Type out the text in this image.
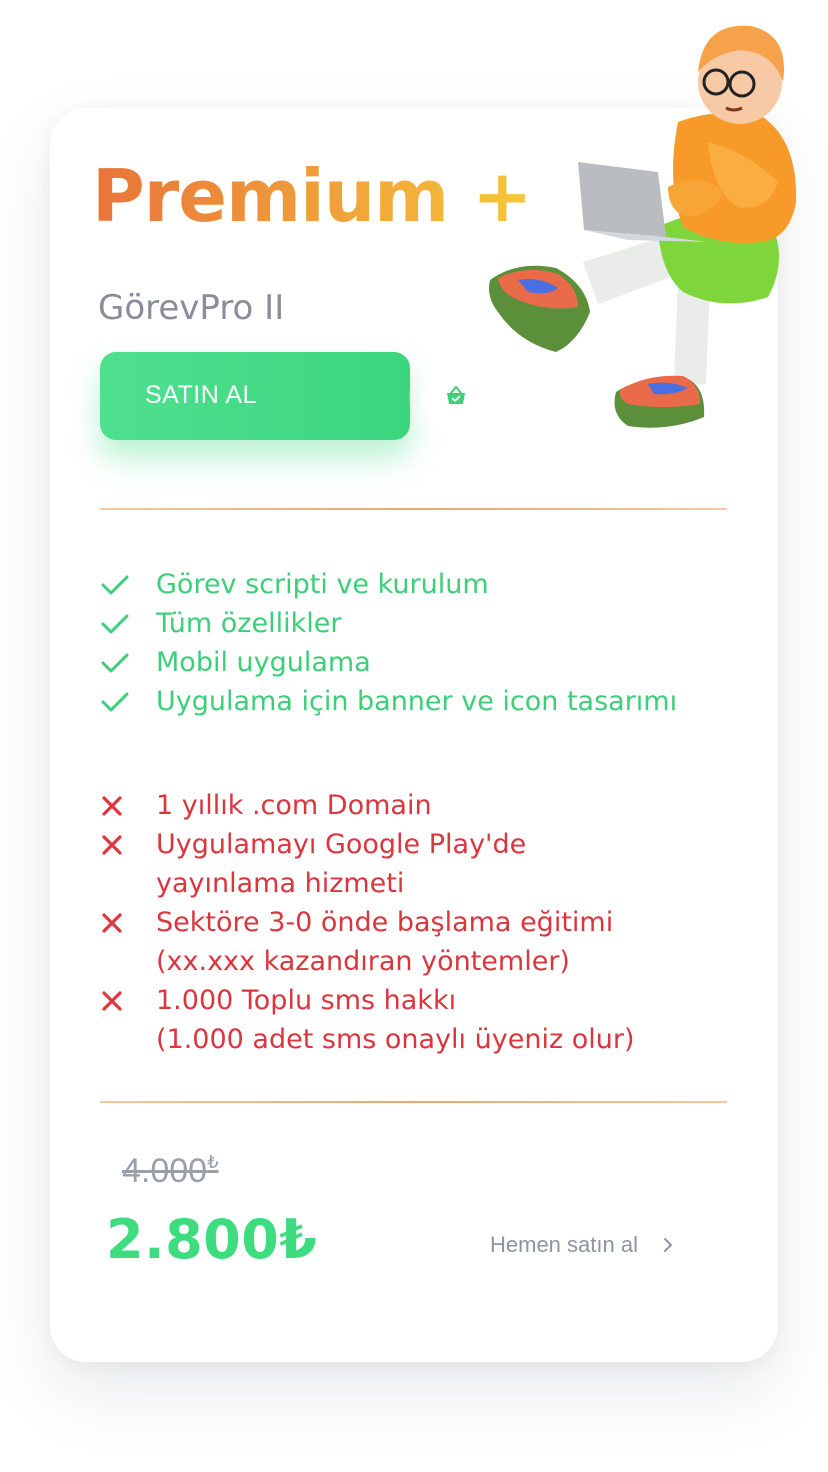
Premium +
GörevPro II
SATIN AL
Görev scripti ve kurulum
Tüm özellikler
Mobil uygulama
Uygulama için banner ve icon tasarımı
1 yıllık .com Domain
Uygulamayı Google Play'de
yayınlama hizmeti
Sektöre 3-0 önde başlama eğitimi
(xx.xxx kazandıran yöntemler)
1.000 Toplu sms hakkı
(1.000 adet sms onaylı üyeniz olur)
4.000₺
2.800₺	Hemen satın al
